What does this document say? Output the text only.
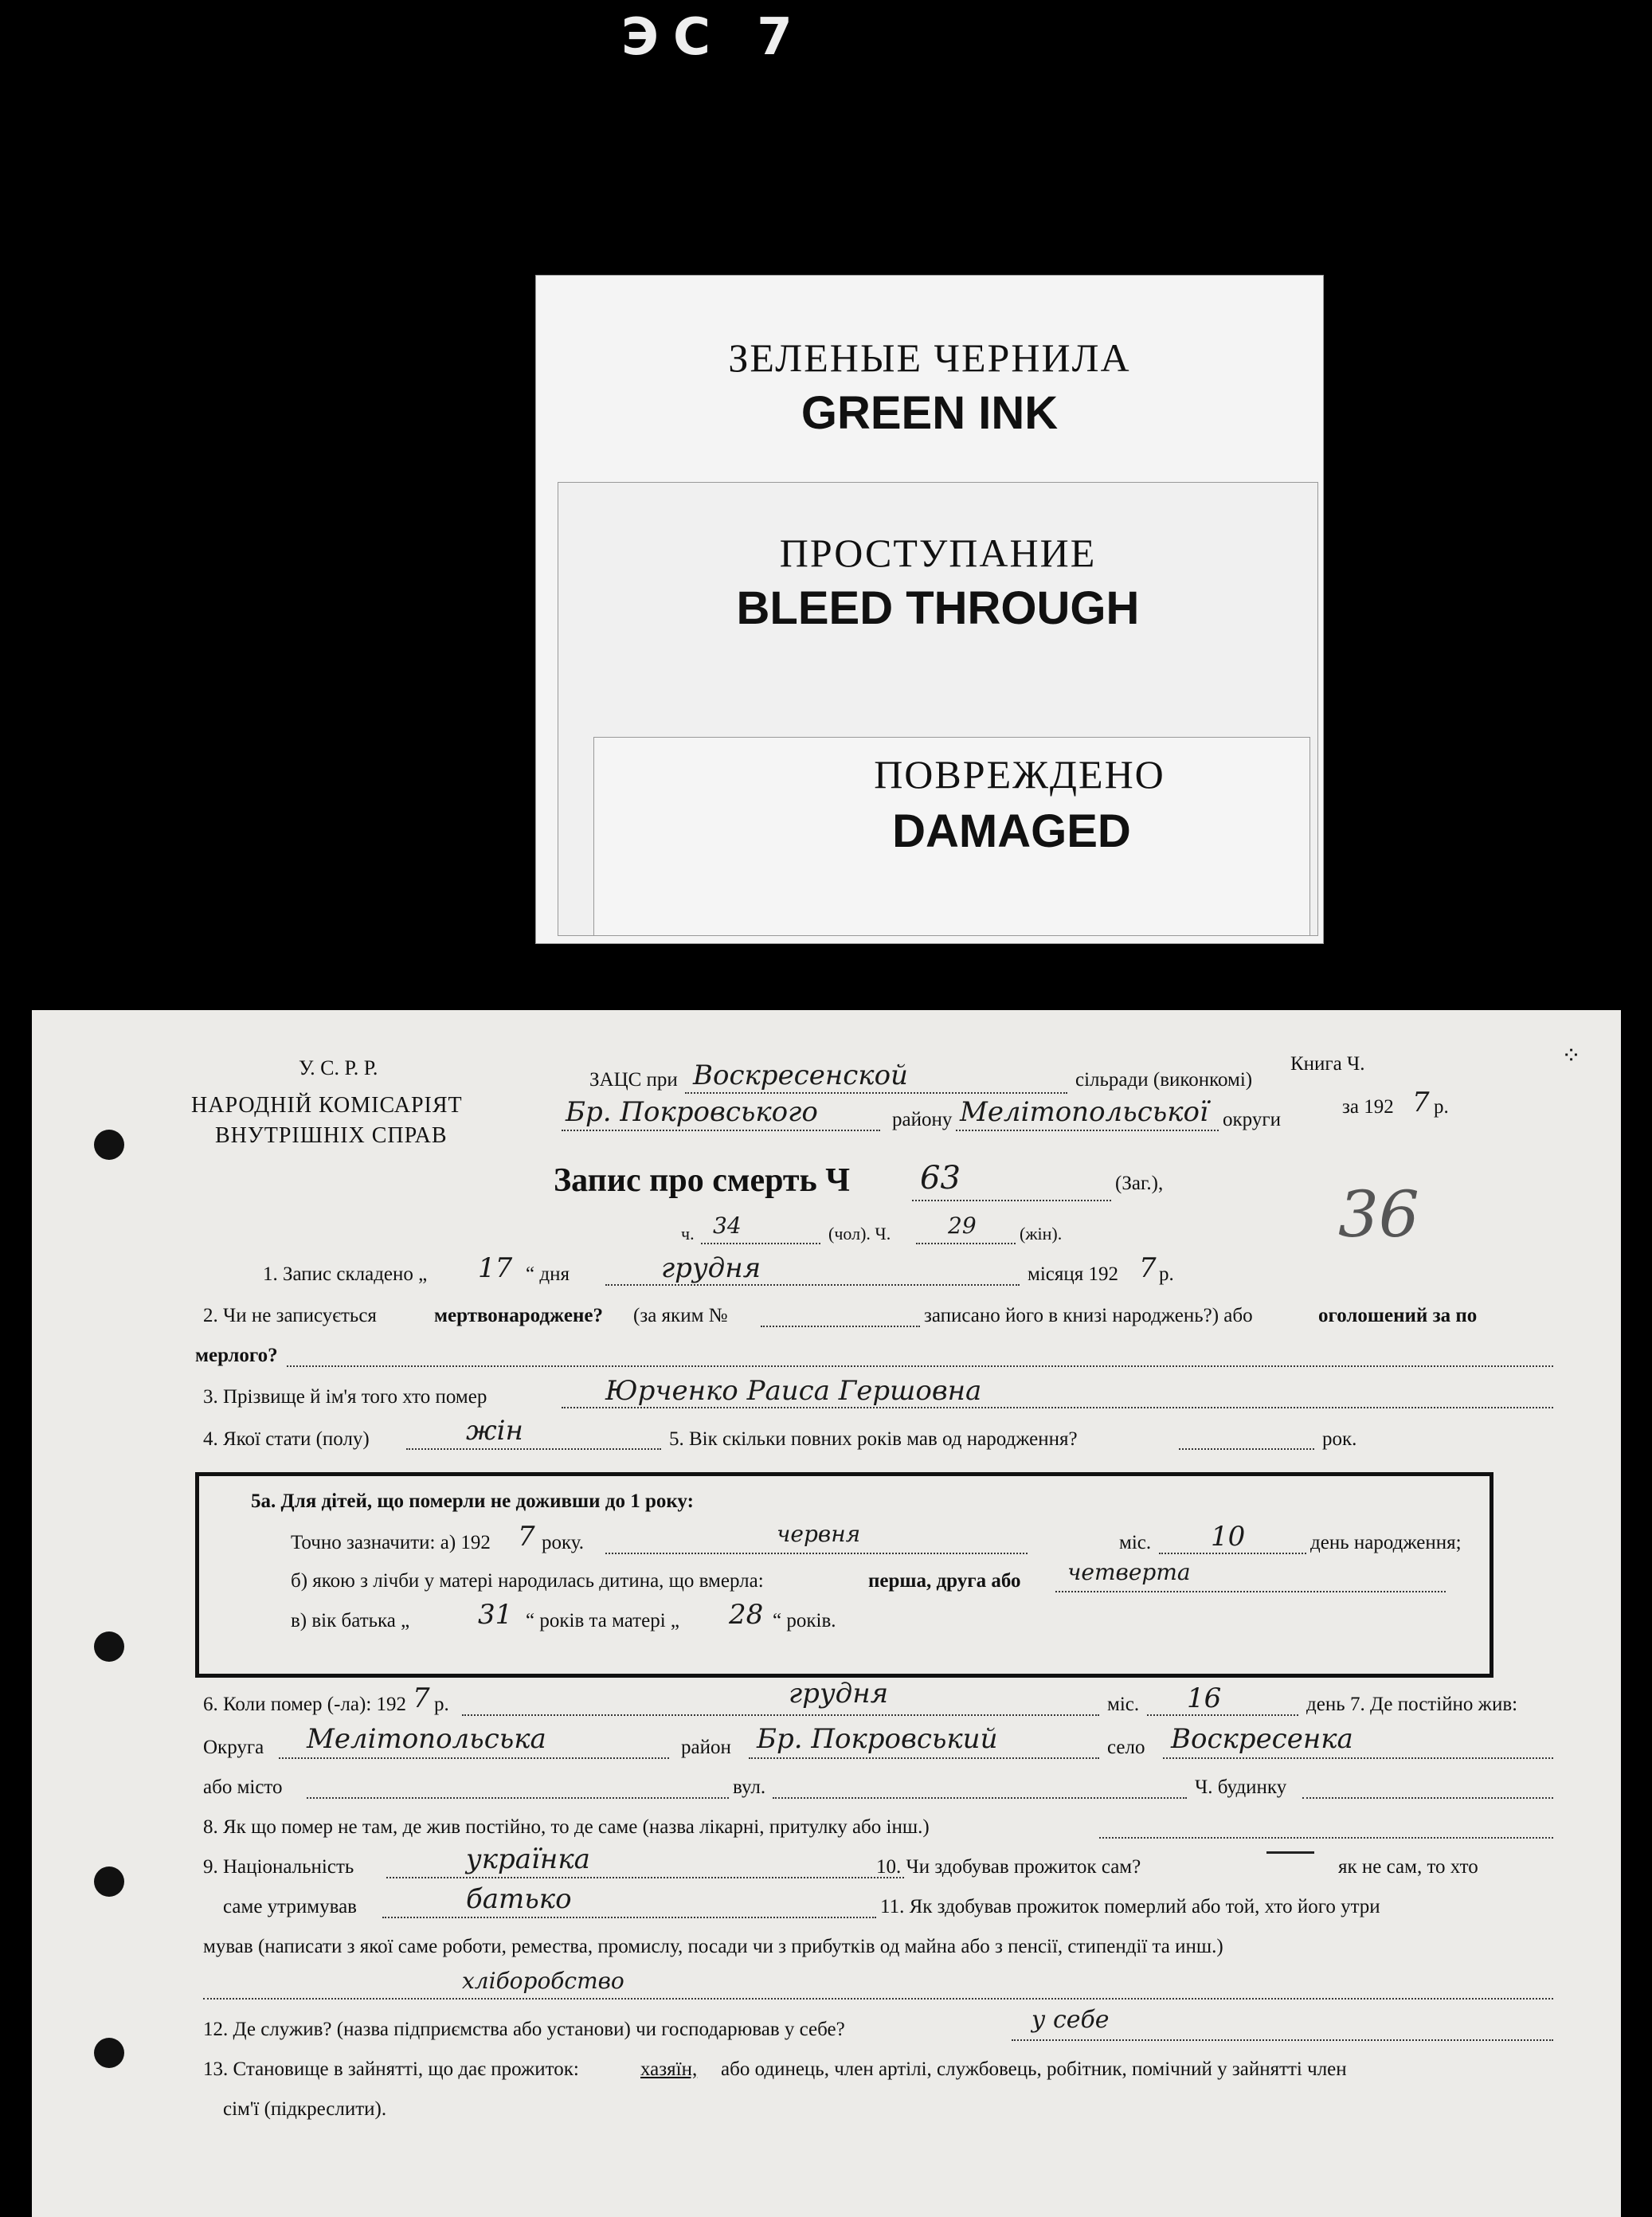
ЭС 7
ЗЕЛЕНЫЕ ЧЕРНИЛА
GREEN INK
ПРОСТУПАНИЕ
BLEED THROUGH
ПОВРЕЖДЕНО
DAMAGED
У. С. Р. Р.
НАРОДНІЙ КОМІСАРІЯТ
ВНУТРІШНІХ СПРАВ
ЗАЦС при Воскресенской	сільради (виконкомі)
Бр. Покровського	району Мелітопольської округи
Книга Ч.
за 192 7 р.
⁘
Запис про смерть Ч 63	(Заг.),
ч. 34	(чол). Ч.	29 (жін).	36
1. Запис складено „ 17 “ дня	грудня	місяця 192 7 р.
2. Чи не записується	мертвонароджене? (за яким №	записано його в книзі народжень?) або	оголошений за по
мерлого?
3. Прізвище й ім'я того хто помер	Юрченко Раиса Гершовна
4. Якої стати (полу)	жін	5. Вік скільки повних років мав од народження?	рок.
5а. Для дітей, що померли не доживши до 1 року:
Точно зазначити: а) 192 7 року.	червня	міс. 10	день народження;
б) якою з лічби у матері народилась дитина, що вмерла:	перша, друга або четверта
в) вік батька „	31 “ років та матері „ 28 “ років.
6. Коли помер (-ла): 192 7 р.	грудня	міс. 16	день 7. Де постійно жив:
Округа Мелітопольська	район Бр. Покровський	село Воскресенка
або місто	вул.	Ч. будинку
8. Як що помер не там, де жив постійно, то де саме (назва лікарні, притулку або інш.)
9. Національність	українка	10. Чи здобував прожиток сам?	як не сам, то хто
саме утримував	батько	11. Як здобував прожиток померлий або той, хто його утри
мував (написати з якої саме роботи, ремества, промислу, посади чи з прибутків од майна або з пенсії, стипендії та инш.)
хліборобство
12. Де служив? (назва підприємства або установи) чи господарював у себе?	у себе
13. Становище в зайнятті, що дає прожиток:	хазяїн, або одинець, член артілі, службовець, робітник, помічний у зайнятті член
сім'ї (підкреслити).
